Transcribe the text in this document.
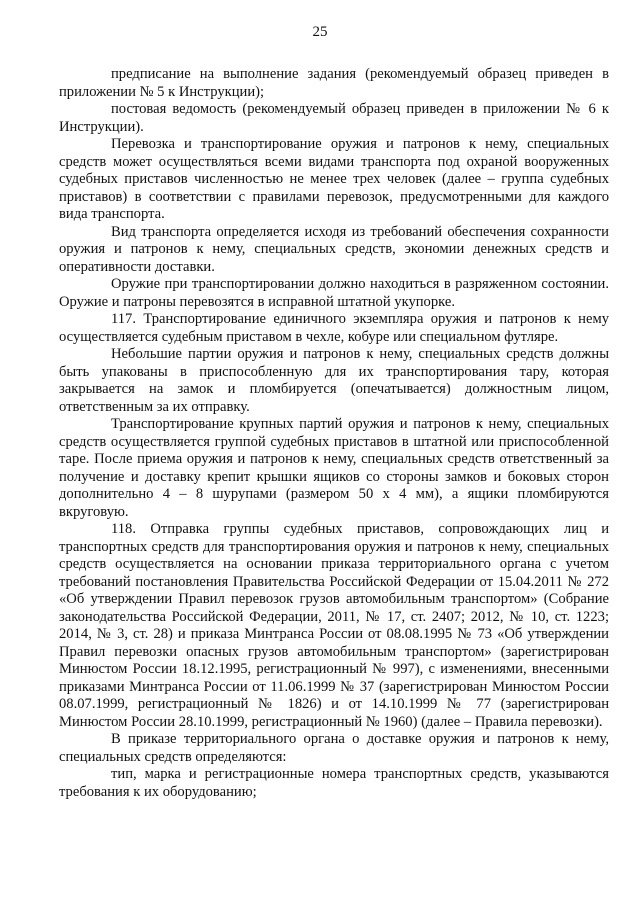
25

предписание на выполнение задания (рекомендуемый образец приведен в приложении № 5 к Инструкции);

постовая ведомость (рекомендуемый образец приведен в приложении № 6 к Инструкции).

Перевозка и транспортирование оружия и патронов к нему, специальных средств может осуществляться всеми видами транспорта под охраной вооруженных судебных приставов численностью не менее трех человек (далее – группа судебных приставов) в соответствии с правилами перевозок, предусмотренными для каждого вида транспорта.

Вид транспорта определяется исходя из требований обеспечения сохранности оружия и патронов к нему, специальных средств, экономии денежных средств и оперативности доставки.

Оружие при транспортировании должно находиться в разряженном состоянии. Оружие и патроны перевозятся в исправной штатной укупорке.

117. Транспортирование единичного экземпляра оружия и патронов к нему осуществляется судебным приставом в чехле, кобуре или специальном футляре.

Небольшие партии оружия и патронов к нему, специальных средств должны быть упакованы в приспособленную для их транспортирования тару, которая закрывается на замок и пломбируется (опечатывается) должностным лицом, ответственным за их отправку.

Транспортирование крупных партий оружия и патронов к нему, специальных средств осуществляется группой судебных приставов в штатной или приспособленной таре. После приема оружия и патронов к нему, специальных средств ответственный за получение и доставку крепит крышки ящиков со стороны замков и боковых сторон дополнительно 4 – 8 шурупами (размером 50 х 4 мм), а ящики пломбируются вкруговую.

118. Отправка группы судебных приставов, сопровождающих лиц и транспортных средств для транспортирования оружия и патронов к нему, специальных средств осуществляется на основании приказа территориального органа с учетом требований постановления Правительства Российской Федерации от 15.04.2011 № 272 «Об утверждении Правил перевозок грузов автомобильным транспортом» (Собрание законодательства Российской Федерации, 2011, № 17, ст. 2407; 2012, № 10, ст. 1223; 2014, № 3, ст. 28) и приказа Минтранса России от 08.08.1995 № 73 «Об утверждении Правил перевозки опасных грузов автомобильным транспортом» (зарегистрирован Минюстом России 18.12.1995, регистрационный № 997), с изменениями, внесенными приказами Минтранса России от 11.06.1999 № 37 (зарегистрирован Минюстом России 08.07.1999, регистрационный № 1826) и от 14.10.1999 № 77 (зарегистрирован Минюстом России 28.10.1999, регистрационный № 1960) (далее – Правила перевозки).

В приказе территориального органа о доставке оружия и патронов к нему, специальных средств определяются:

тип, марка и регистрационные номера транспортных средств, указываются требования к их оборудованию;
